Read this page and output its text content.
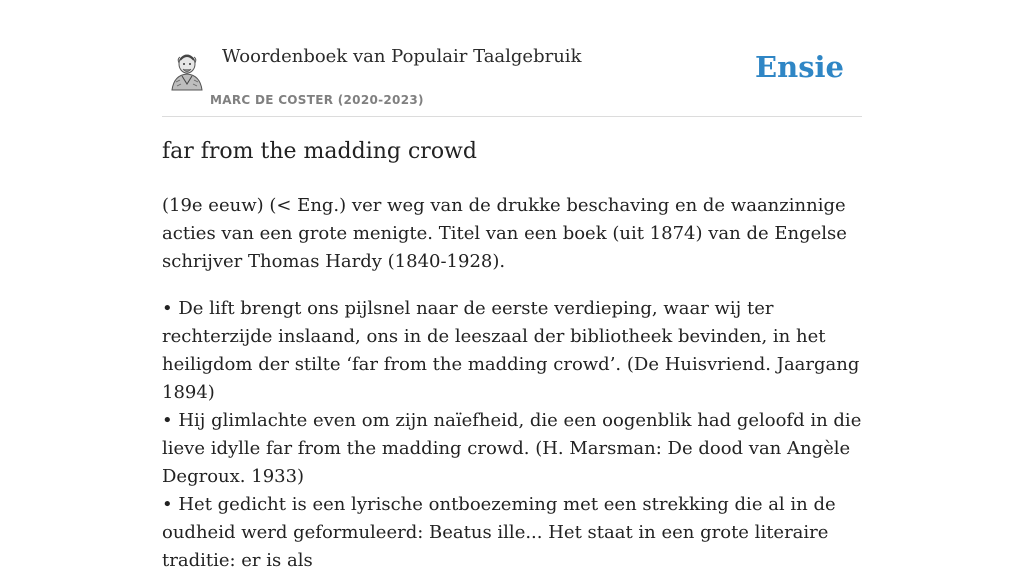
Woordenboek van Populair Taalgebruik
MARC DE COSTER (2020-2023)
Ensie
far from the madding crowd

(19e eeuw) (< Eng.) ver weg van de drukke beschaving en de waanzinnige acties van een grote menigte. Titel van een boek (uit 1874) van de Engelse schrijver Thomas Hardy (1840-1928).

• De lift brengt ons pijlsnel naar de eerste verdieping, waar wij ter rechterzijde inslaand, ons in de leeszaal der bibliotheek bevinden, in het heiligdom der stilte ‘far from the madding crowd’. (De Huisvriend. Jaargang 1894)

• Hij glimlachte even om zijn naïefheid, die een oogenblik had geloofd in die lieve idylle far from the madding crowd. (H. Marsman: De dood van Angèle Degroux. 1933)

• Het gedicht is een lyrische ontboezeming met een strekking die al in de oudheid werd geformuleerd: Beatus ille... Het staat in een grote literaire traditie: er is als
